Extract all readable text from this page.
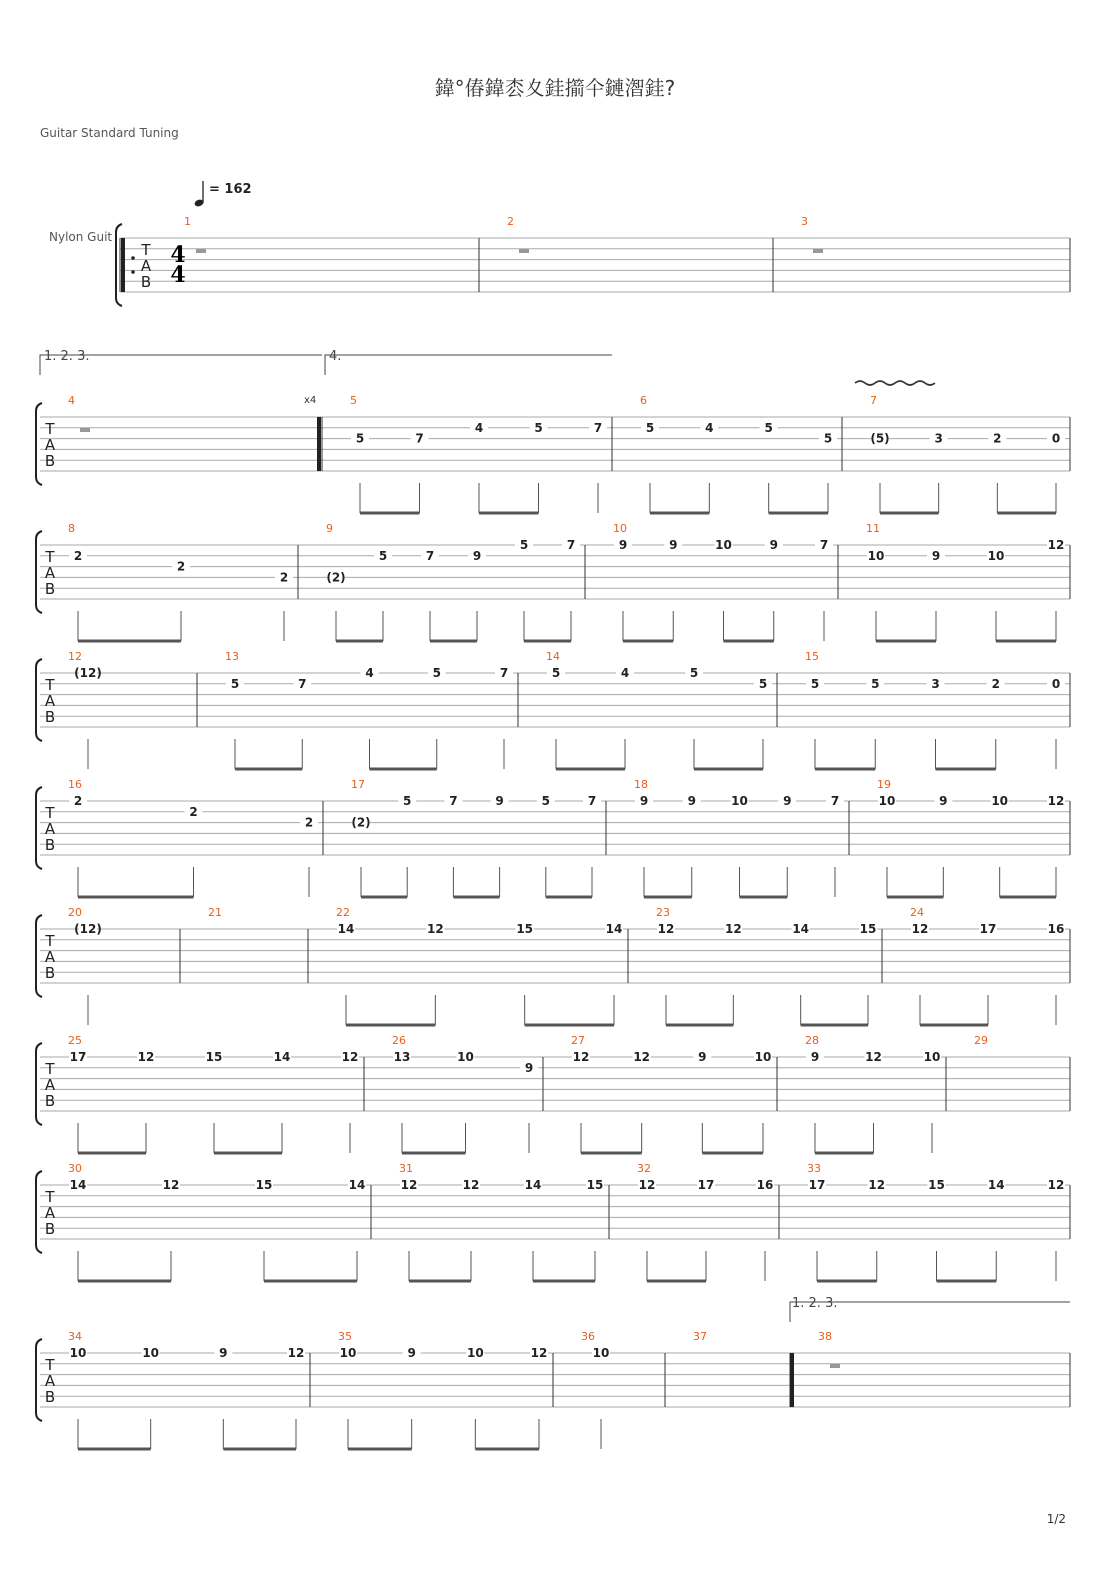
鍏°偆鍏枩夊銈擶仐鏈潪銈?
Guitar Standard Tuning
= 162
Nylon Guit
1/2
T
A
B
1	2	3
T
A
B
4	5
5	7
4	5	7
6
5	4	5
5
7
(5)	3	2	0
T
A
B
8
2
2
2
9
(2)
5	7	9
5	7
10
9	9	10	9	7
11
10	9	10
12
T
A
B
12
(12)
13
5	7
4	5	7
14
5	4	5
5
15
5	5	3	2	0
T
A
B
16
2
2
2
17
(2)
5	7	9	5	7
18
9	9	10	9	7
19
10	9	10	12
T
A
B
20
(12)
21	22
14	12	15	14
23
12	12	14	15
24
12	17	16
T
A
B
25
17	12	15	14	12
26
13	10
9
27
12	12	9	10
28
9	12	10
29
T
A
B
30
14	12	15	14
31
12	12	14	15
32
12	17	16
33
17	12	15	14	12
T
A
B
34
10	10	9	12
35
10	9	10	12
36
10
37	38
4
4
1. 2. 3.	4.
x4
1. 2. 3.
